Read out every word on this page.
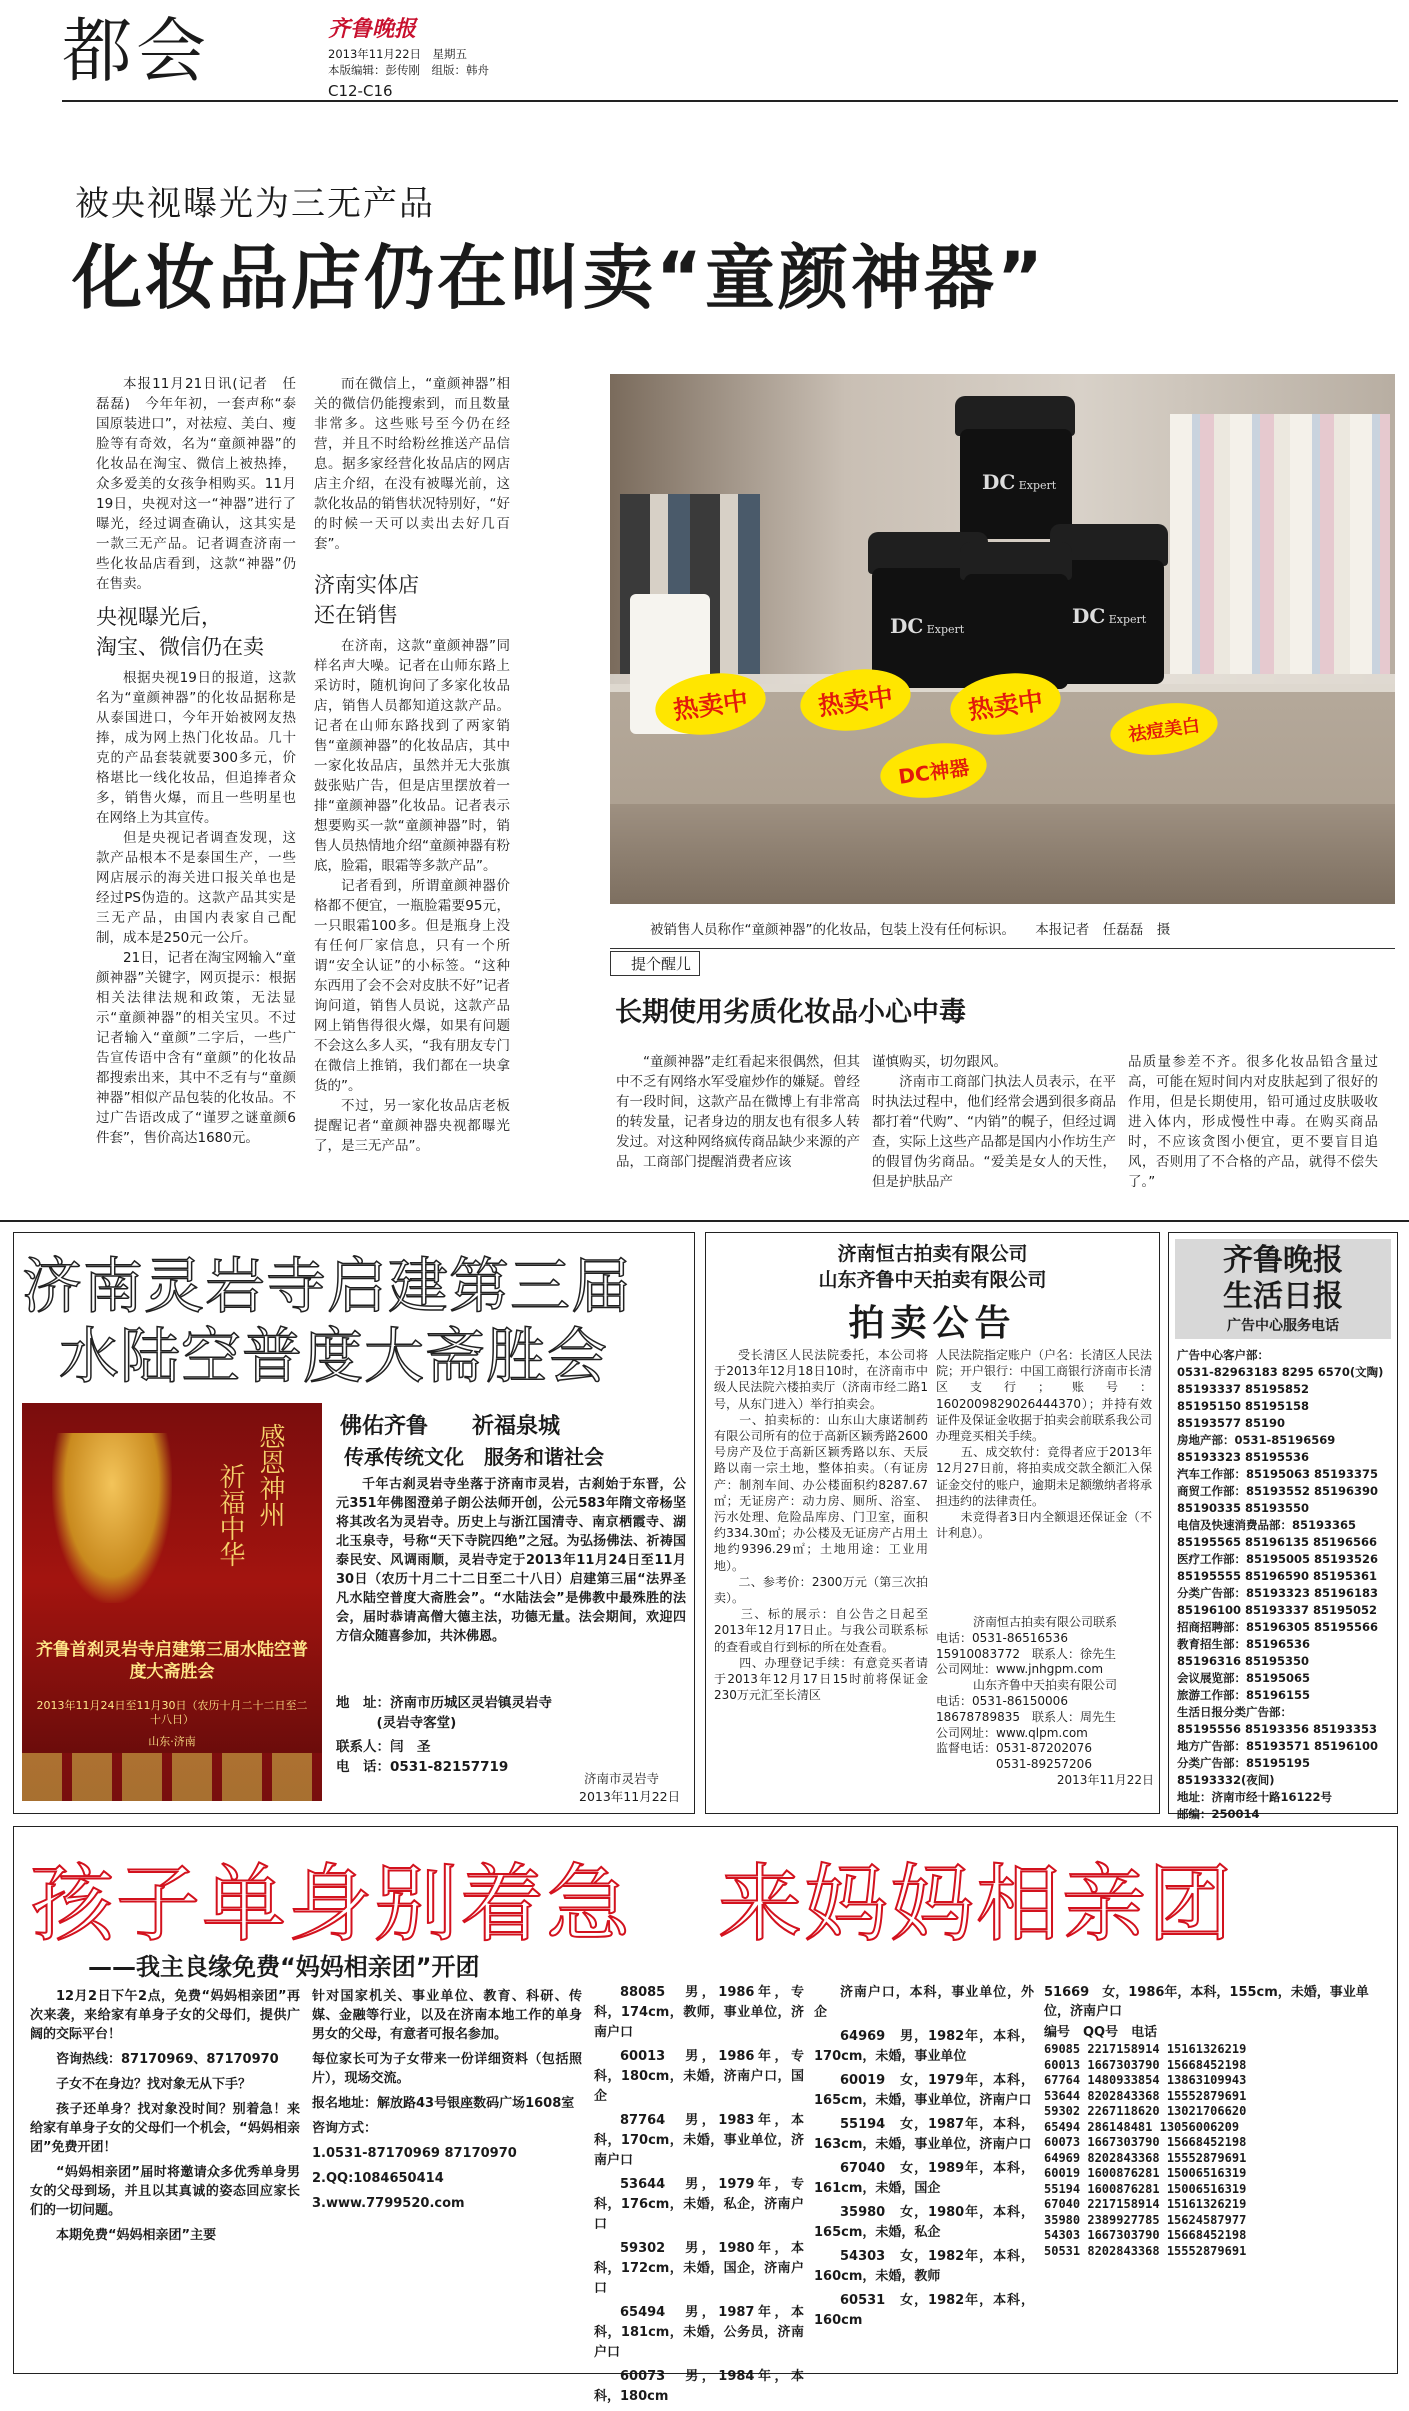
都会	齐鲁晚报
2013年11月22日　星期五
本版编辑：彭传刚　组版：韩舟
C12-C16
被央视曝光为三无产品
化妆品店仍在叫卖“童颜神器”

本报11月21日讯(记者　任磊磊)　今年年初，一套声称“泰国原装进口”，对祛痘、美白、瘦脸等有奇效，名为“童颜神器”的化妆品在淘宝、微信上被热捧，众多爱美的女孩争相购买。11月19日，央视对这一“神器”进行了曝光，经过调查确认，这其实是一款三无产品。记者调查济南一些化妆品店看到，这款“神器”仍在售卖。

央视曝光后，
淘宝、微信仍在卖

根据央视19日的报道，这款名为“童颜神器”的化妆品据称是从泰国进口，今年开始被网友热捧，成为网上热门化妆品。几十克的产品套装就要300多元，价格堪比一线化妆品，但追捧者众多，销售火爆，而且一些明星也在网络上为其宣传。

但是央视记者调查发现，这款产品根本不是泰国生产，一些网店展示的海关进口报关单也是经过PS伪造的。这款产品其实是三无产品，由国内表家自己配制，成本是250元一公斤。

21日，记者在淘宝网输入“童颜神器”关键字，网页提示：根据相关法律法规和政策，无法显示“童颜神器”的相关宝贝。不过记者输入“童颜”二字后，一些广告宣传语中含有“童颜”的化妆品都搜索出来，其中不乏有与“童颜神器”相似产品包装的化妆品。不过广告语改成了“谨罗之谜童颜6件套”，售价高达1680元。

而在微信上，“童颜神器”相关的微信仍能搜索到，而且数量非常多。这些账号至今仍在经营，并且不时给粉丝推送产品信息。据多家经营化妆品店的网店店主介绍，在没有被曝光前，这款化妆品的销售状况特别好，“好的时候一天可以卖出去好几百套”。

济南实体店
还在销售

在济南，这款“童颜神器”同样名声大噪。记者在山师东路上采访时，随机询问了多家化妆品店，销售人员都知道这款产品。记者在山师东路找到了两家销售“童颜神器”的化妆品店，其中一家化妆品店，虽然并无大张旗鼓张贴广告，但是店里摆放着一排“童颜神器”化妆品。记者表示想要购买一款“童颜神器”时，销售人员热情地介绍“童颜神器有粉底，脸霜，眼霜等多款产品”。

记者看到，所谓童颜神器价格都不便宜，一瓶脸霜要95元，一只眼霜100多。但是瓶身上没有任何厂家信息，只有一个所谓“安全认证”的小标签。“这种东西用了会不会对皮肤不好”记者询问道，销售人员说，这款产品网上销售得很火爆，如果有问题不会这么多人买，“我有朋友专门在微信上推销，我们都在一块拿货的”。

不过，另一家化妆品店老板提醒记者“童颜神器央视都曝光了，是三无产品”。

DC Expert
DC Expert
DC Expert
热卖中	热卖中	热卖中
DC神器
祛痘美白
被销售人员称作“童颜神器”的化妆品，包装上没有任何标识。　　本报记者　任磊磊　摄
提个醒儿
长期使用劣质化妆品小心中毒

“童颜神器”走红看起来很偶然，但其中不乏有网络水军受雇炒作的嫌疑。曾经有一段时间，这款产品在微博上有非常高的转发量，记者身边的朋友也有很多人转发过。对这种网络疯传商品缺少来源的产品，工商部门提醒消费者应该

谨慎购买，切勿跟风。
　　济南市工商部门执法人员表示，在平时执法过程中，他们经常会遇到很多商品都打着“代购”、“内销”的幌子，但经过调查，实际上这些产品都是国内小作坊生产的假冒伪劣商品。“爱美是女人的天性，但是护肤品产

品质量参差不齐。很多化妆品铅含量过高，可能在短时间内对皮肤起到了很好的作用，但是长期使用，铅可通过皮肤吸收进入体内，形成慢性中毒。在购买商品时，不应该贪图小便宜，更不要盲目追风，否则用了不合格的产品，就得不偿失了。”

济南灵岩寺启建第三届
水陆空普度大斋胜会
感恩神州
祈福中华
齐鲁首刹灵岩寺启建第三届水陆空普度大斋胜会
2013年11月24日至11月30日（农历十月二十二日至二十八日）
山东·济南
佛佑齐鲁　　祈福泉城
传承传统文化　服务和谐社会
千年古刹灵岩寺坐落于济南市灵岩，古刹始于东晋，公元351年佛图澄弟子朗公法师开创，公元583年隋文帝杨坚将其改名为灵岩寺。历史上与浙江国清寺、南京栖霞寺、湖北玉泉寺，号称“天下寺院四绝”之冠。为弘扬佛法、祈祷国泰民安、风调雨顺，灵岩寺定于2013年11月24日至11月30日（农历十月二十二日至二十八日）启建第三届“法界圣凡水陆空普度大斋胜会”。“水陆法会”是佛教中最殊胜的法会，届时恭请高僧大德主法，功德无量。法会期间，欢迎四方信众随喜参加，共沐佛恩。
地　址：济南市历城区灵岩镇灵岩寺
　　　(灵岩寺客堂)
联系人：闫　圣
电　话：0531-82157719
济南市灵岩寺
2013年11月22日
济南恒古拍卖有限公司
山东齐鲁中天拍卖有限公司
拍卖公告
受长清区人民法院委托，本公司将于2013年12月18日10时，在济南市中级人民法院六楼拍卖厅（济南市经二路1号，从东门进入）举行拍卖会。
　　一、拍卖标的：山东山大康诺制药有限公司所有的位于高新区颖秀路2600号房产及位于高新区颖秀路以东、天辰路以南一宗土地，整体拍卖。（有证房产：制剂车间、办公楼面积约8287.67㎡；无证房产：动力房、厕所、浴室、污水处理、危险品库房、门卫室，面积约334.30㎡；办公楼及无证房产占用土地约9396.29㎡；土地用途：工业用地）。
　　二、参考价：2300万元（第三次拍卖）。
　　三、标的展示：自公告之日起至2013年12月17日止。与我公司联系标的查看或自行到标的所在处查看。
　　四、办理登记手续：有意竞买者请于2013年12月17日15时前将保证金230万元汇至长清区
人民法院指定账户（户名：长清区人民法院；开户银行：中国工商银行济南市长清区支行；账号：1602009829026444370）；并持有效证件及保证金收据于拍卖会前联系我公司办理竞买相关手续。
　　五、成交软付：竞得者应于2013年12月27日前，将拍卖成交款全额汇入保证金交付的账户，逾期未足额缴纳者将承担违约的法律责任。
　　未竞得者3日内全额退还保证金（不计利息）。
济南恒古拍卖有限公司联系
电话：0531-86516536
15910083772　联系人：徐先生
公司网址：www.jnhgpm.com
山东齐鲁中天拍卖有限公司
电话：0531-86150006
18678789835　联系人：周先生
公司网址：www.qlpm.com
监督电话：0531-87202076
0531-89257206
2013年11月22日
齐鲁晚报
生活日报
广告中心服务电话
广告中心客户部：
0531-82963183 8295 6570(文陶)
85193337 85195852
85195150 85195158
85193577 85190
房地产部：0531-85196569
85193323 85195536
汽车工作部：85195063 85193375
商贸工作部：85193552 85196390
85190335 85193550
电信及快速消费品部：85193365
85195565 85196135 85196566
医疗工作部：85195005 85193526
85195555 85196590 85195361
分类广告部：85193323 85196183
85196100 85193337 85195052
招商招聘部：85196305 85195566
教育招生部：85196536
85196316 85195350
会议展览部：85195065
旅游工作部：85196155
生活日报分类广告部：
85195556 85193356 85193353
地方广告部：85193571 85196100
分类广告部：85195195
85193332(夜间)
地址：济南市经十路16122号
邮编：250014
孩子单身别着急　来妈妈相亲团
——我主良缘免费“妈妈相亲团”开团

12月2日下午2点，免费“妈妈相亲团”再次来袭，来给家有单身子女的父母们，提供广阔的交际平台！

咨询热线：87170969、87170970

子女不在身边？找对象无从下手？

孩子还单身？找对象没时间？别着急！来给家有单身子女的父母们一个机会，“妈妈相亲团”免费开团！

“妈妈相亲团”届时将邀请众多优秀单身男女的父母到场，并且以其真诚的姿态回应家长们的一切问题。

本期免费“妈妈相亲团”主要

针对国家机关、事业单位、教育、科研、传媒、金融等行业，以及在济南本地工作的单身男女的父母，有意者可报名参加。

每位家长可为子女带来一份详细资料（包括照片），现场交流。

报名地址：解放路43号银座数码广场1608室

咨询方式：

1.0531-87170969 87170970

2.QQ:1084650414

3.www.7799520.com

88085　男，1986年，专科，174cm，教师，事业单位，济南户口

60013　男，1986年，专科，180cm，未婚，济南户口，国企

87764　男，1983年，本科，170cm，未婚，事业单位，济南户口

53644　男，1979年，专科，176cm，未婚，私企，济南户口

59302　男，1980年，本科，172cm，未婚，国企，济南户口

65494　男，1987年，本科，181cm，未婚，公务员，济南户口

60073　男，1984年，本科，180cm

济南户口，本科，事业单位，外企

64969　男，1982年，本科，170cm，未婚，事业单位

60019　女，1979年，本科，165cm，未婚，事业单位，济南户口

55194　女，1987年，本科，163cm，未婚，事业单位，济南户口

67040　女，1989年，本科，161cm，未婚，国企

35980　女，1980年，本科，165cm，未婚，私企

54303　女，1982年，本科，160cm，未婚，教师

60531　女，1982年，本科，160cm

51669　女，1986年，本科，155cm，未婚，事业单位，济南户口
编号　QQ号　电话
69085 2217158914 15161326219
60013 1667303790 15668452198
67764 1480933854 13863109943
53644 8202843368 15552879691
59302 2267118620 13021706620
65494 286148481 13056006209
60073 1667303790 15668452198
64969 8202843368 15552879691
60019 1600876281 15006516319
55194 1600876281 15006516319
67040 2217158914 15161326219
35980 2389927785 15624587977
54303 1667303790 15668452198
50531 8202843368 15552879691
